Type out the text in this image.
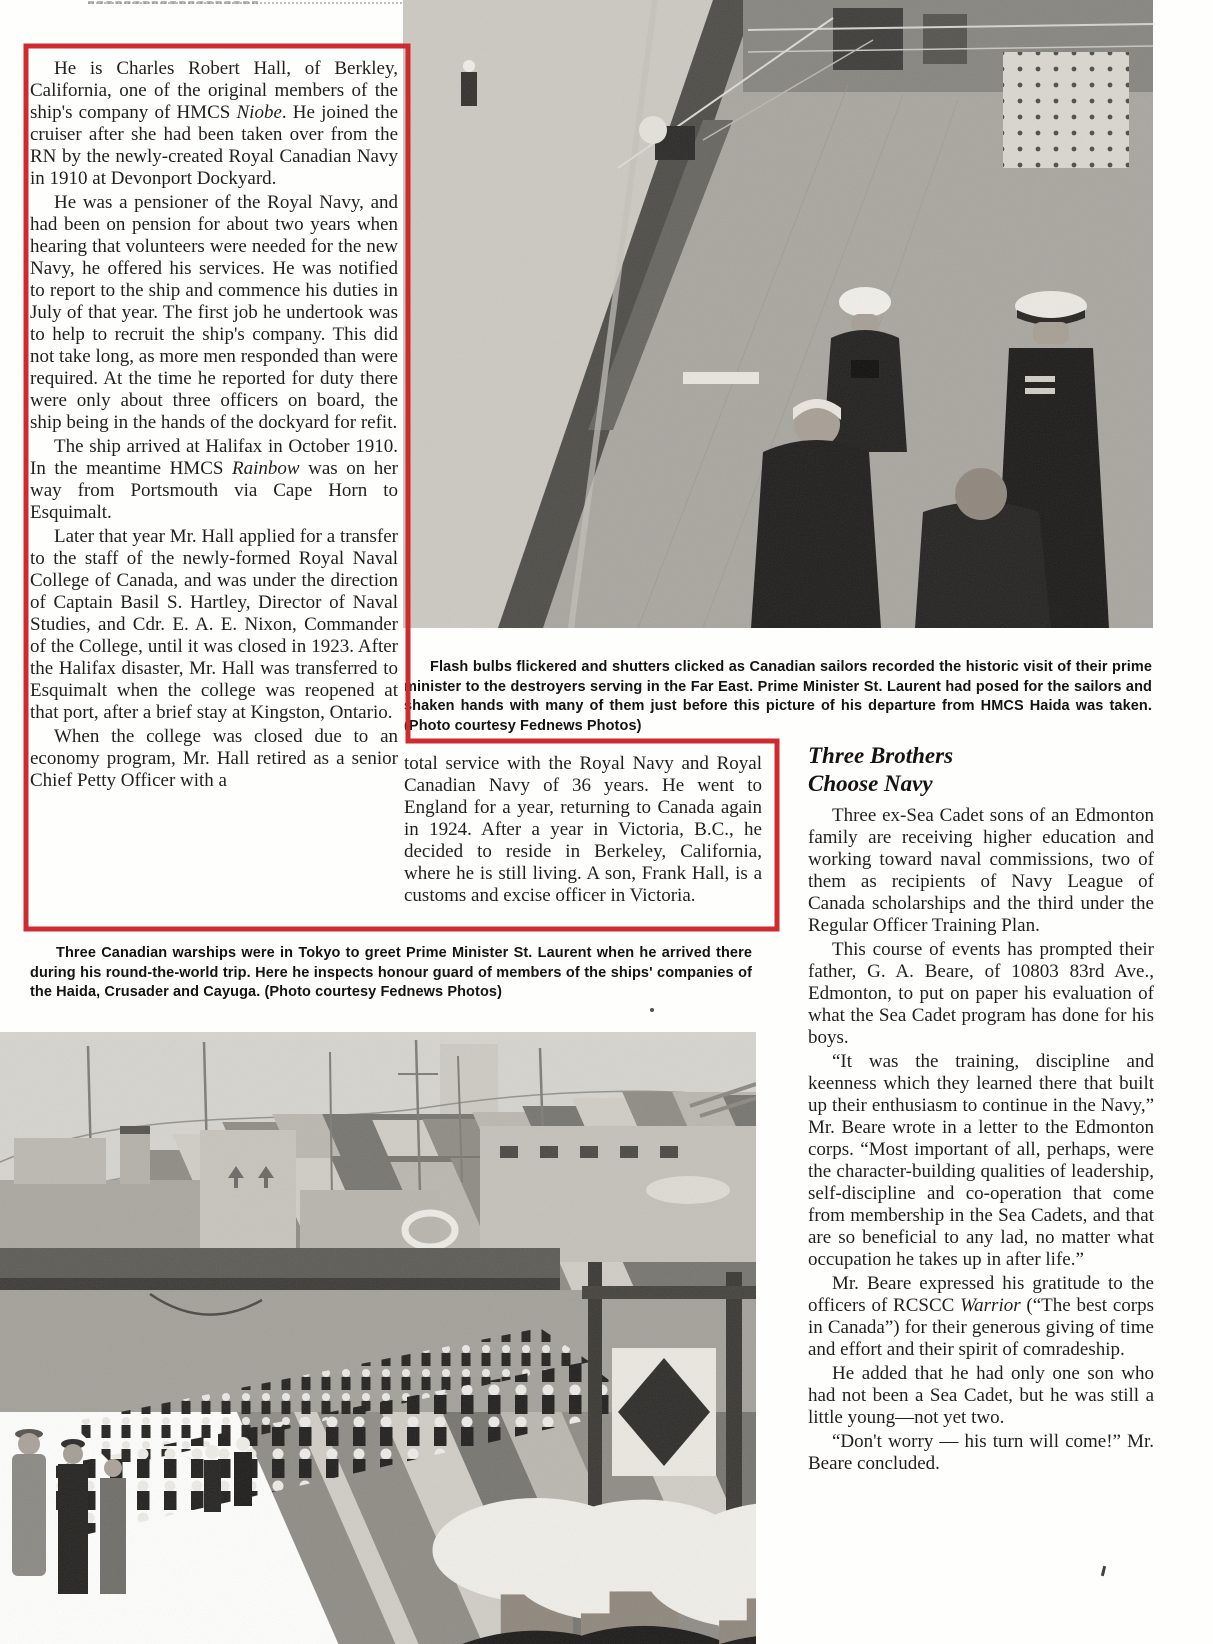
He is Charles Robert Hall, of Berkley, California, one of the original members of the ship's company of HMCS Niobe. He joined the cruiser after she had been taken over from the RN by the newly-created Royal Canadian Navy in 1910 at Devonport Dockyard.

He was a pensioner of the Royal Navy, and had been on pension for about two years when hearing that volunteers were needed for the new Navy, he offered his services. He was notified to report to the ship and commence his duties in July of that year. The first job he undertook was to help to recruit the ship's company. This did not take long, as more men responded than were required. At the time he reported for duty there were only about three officers on board, the ship being in the hands of the dockyard for refit.

The ship arrived at Halifax in October 1910. In the meantime HMCS Rainbow was on her way from Portsmouth via Cape Horn to Esquimalt.

Later that year Mr. Hall applied for a transfer to the staff of the newly-formed Royal Naval College of Canada, and was under the direction of Captain Basil S. Hartley, Director of Naval Studies, and Cdr. E. A. E. Nixon, Commander of the College, until it was closed in 1923. After the Halifax disaster, Mr. Hall was transferred to Esquimalt when the college was reopened at that port, after a brief stay at Kingston, Ontario.

When the college was closed due to an economy program, Mr. Hall retired as a senior Chief Petty Officer with a

Flash bulbs flickered and shutters clicked as Canadian sailors recorded the historic visit of their prime minister to the destroyers serving in the Far East. Prime Minister St. Laurent had posed for the sailors and shaken hands with many of them just before this picture of his departure from HMCS Haida was taken. (Photo courtesy Fednews Photos)

total service with the Royal Navy and Royal Canadian Navy of 36 years. He went to England for a year, returning to Canada again in 1924. After a year in Victoria, B.C., he decided to reside in Berkeley, California, where he is still living. A son, Frank Hall, is a customs and excise officer in Victoria.

Three Brothers
Choose Navy

Three ex-Sea Cadet sons of an Edmonton family are receiving higher education and working toward naval commissions, two of them as recipients of Navy League of Canada scholarships and the third under the Regular Officer Training Plan.

This course of events has prompted their father, G. A. Beare, of 10803 83rd Ave., Edmonton, to put on paper his evaluation of what the Sea Cadet program has done for his boys.

“It was the training, discipline and keenness which they learned there that built up their enthusiasm to continue in the Navy,” Mr. Beare wrote in a letter to the Edmonton corps. “Most important of all, perhaps, were the character-building qualities of leadership, self-discipline and co-operation that come from membership in the Sea Cadets, and that are so beneficial to any lad, no matter what occupation he takes up in after life.”

Mr. Beare expressed his gratitude to the officers of RCSCC Warrior (“The best corps in Canada”) for their generous giving of time and effort and their spirit of comradeship.

He added that he had only one son who had not been a Sea Cadet, but he was still a little young—not yet two.

“Don't worry — his turn will come!” Mr. Beare concluded.

Three Canadian warships were in Tokyo to greet Prime Minister St. Laurent when he arrived there during his round-the-world trip. Here he inspects honour guard of members of the ships' companies of the Haida, Crusader and Cayuga. (Photo courtesy Fednews Photos)
